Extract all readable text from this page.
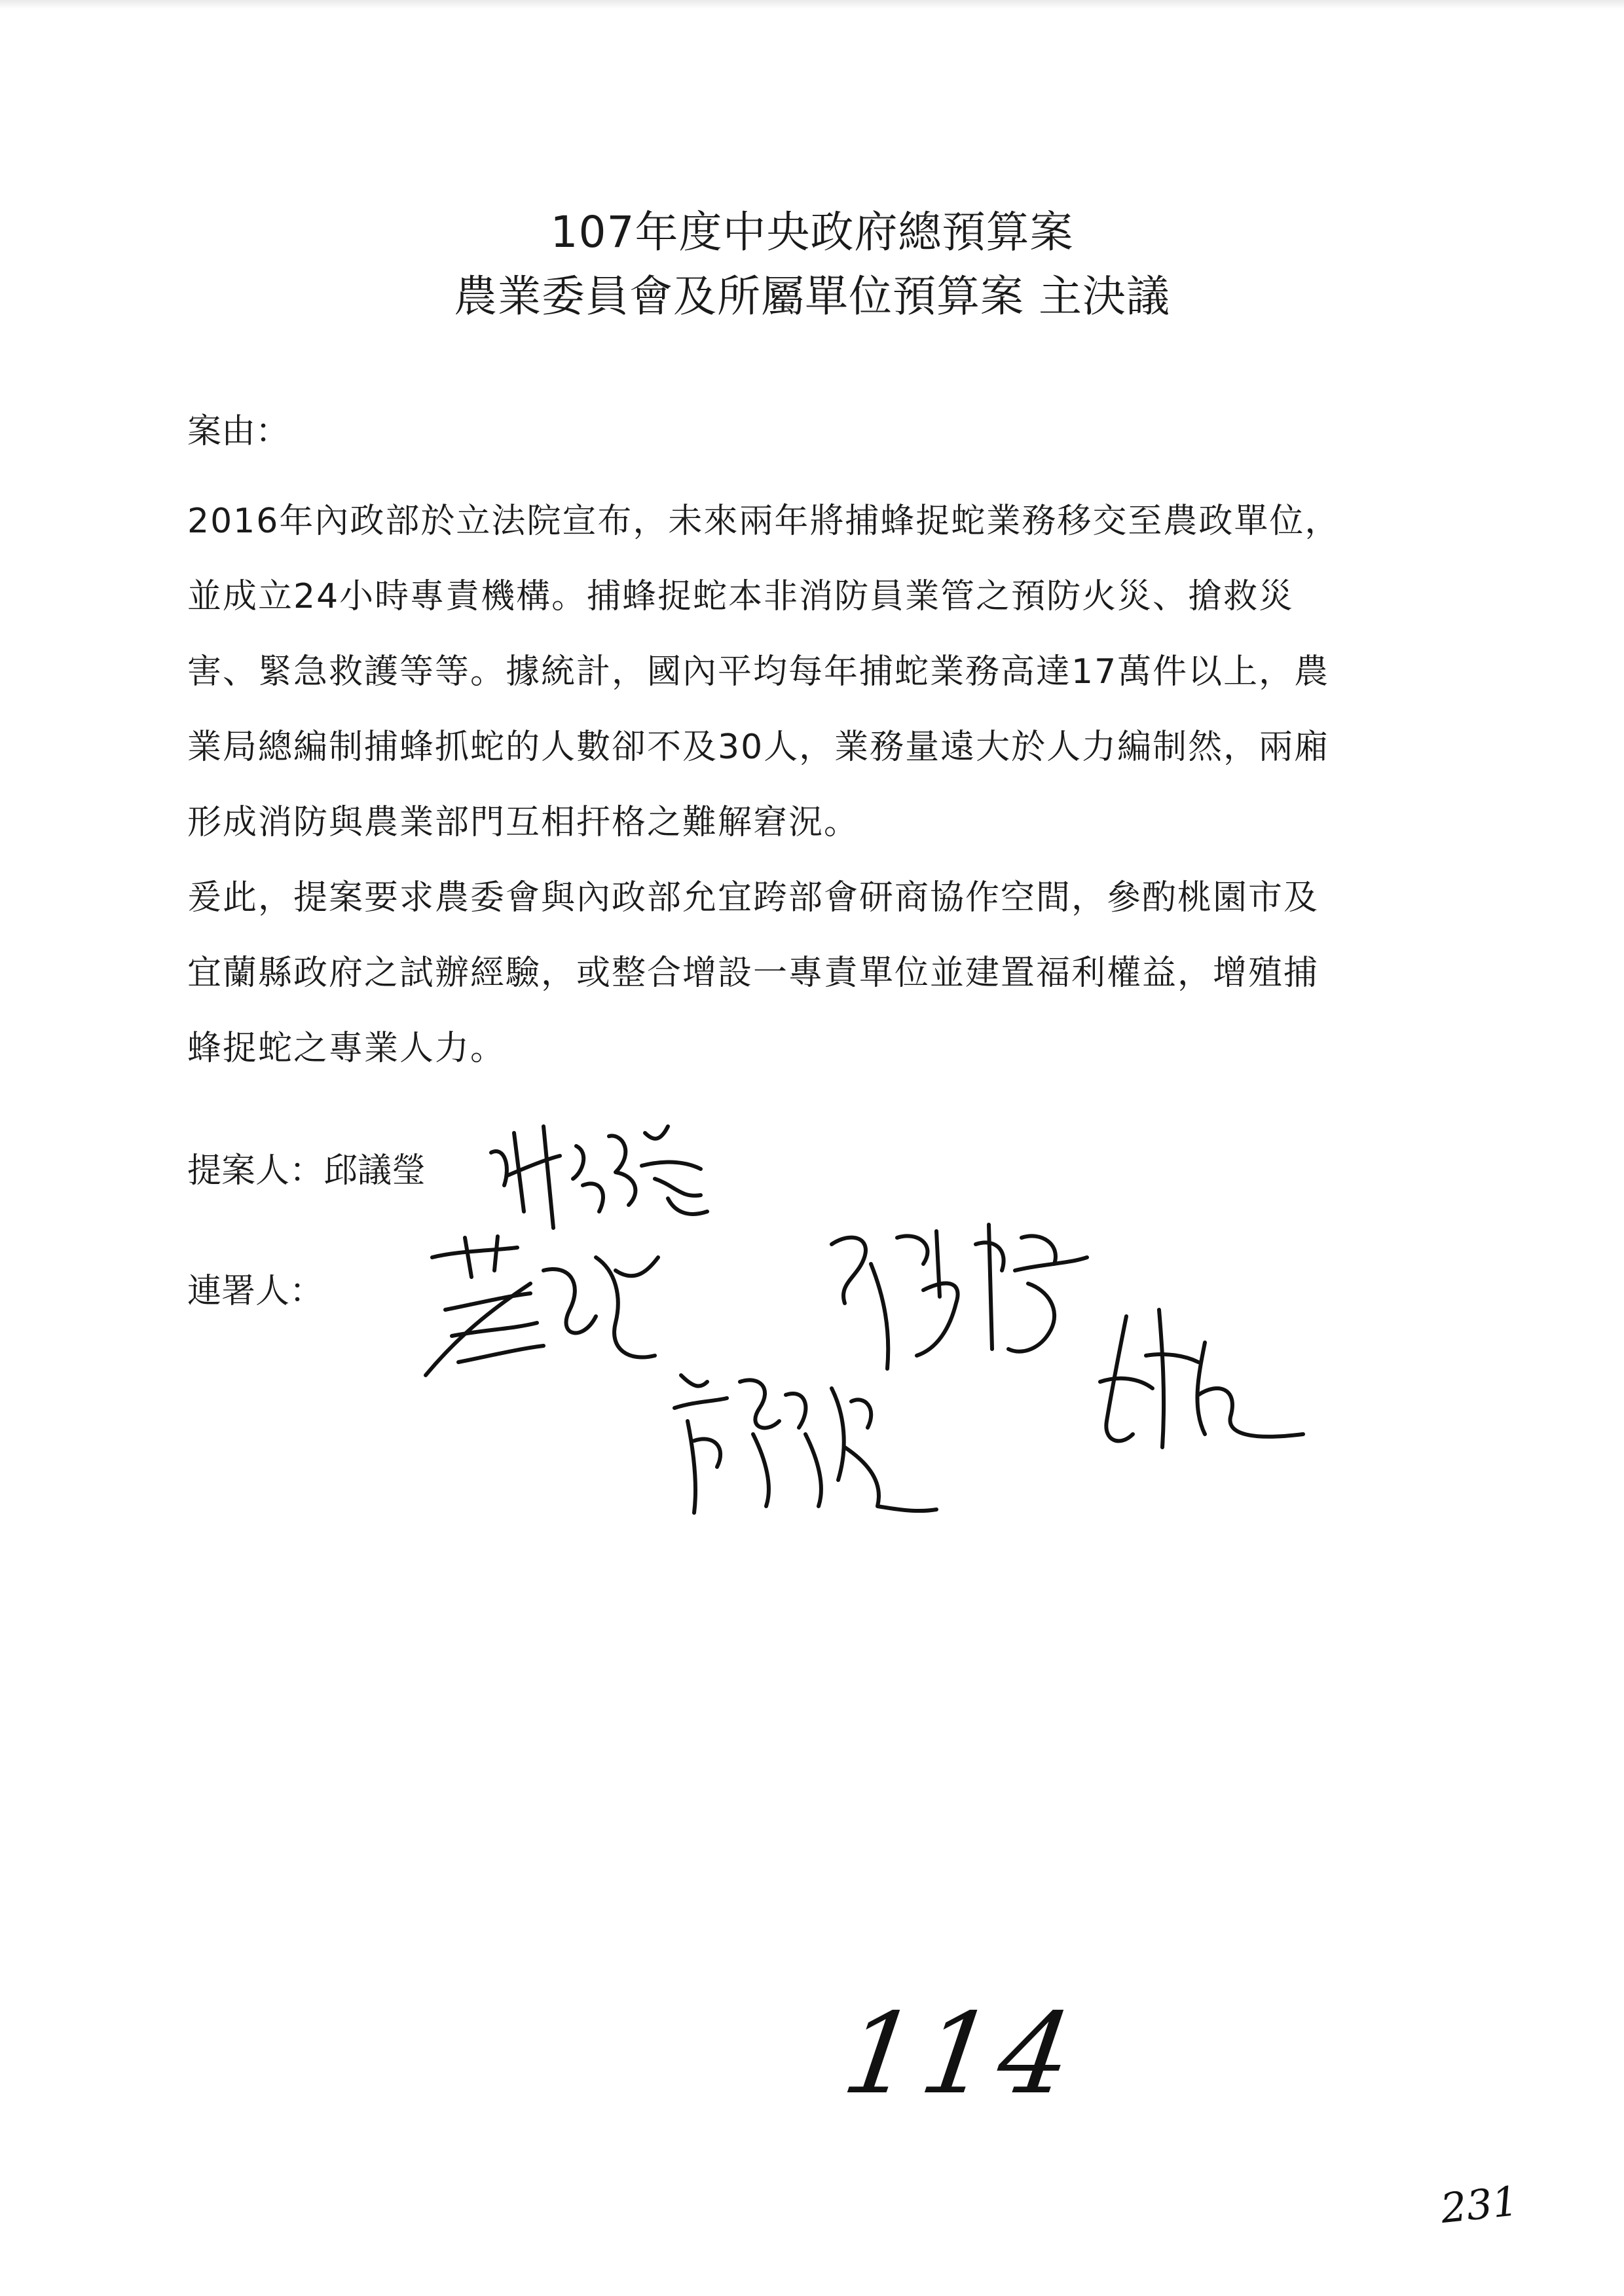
107年度中央政府總預算案
農業委員會及所屬單位預算案 主決議
案由：
2016年內政部於立法院宣布，未來兩年將捕蜂捉蛇業務移交至農政單位，
並成立24小時專責機構。捕蜂捉蛇本非消防員業管之預防火災、搶救災
害、緊急救護等等。據統計，國內平均每年捕蛇業務高達17萬件以上，農
業局總編制捕蜂抓蛇的人數卻不及30人，業務量遠大於人力編制然，兩廂
形成消防與農業部門互相扞格之難解窘況。
爰此，提案要求農委會與內政部允宜跨部會研商協作空間，參酌桃園市及
宜蘭縣政府之試辦經驗，或整合增設一專責單位並建置福利權益，增殖捕
蜂捉蛇之專業人力。
提案人：邱議瑩
連署人：
114
231
